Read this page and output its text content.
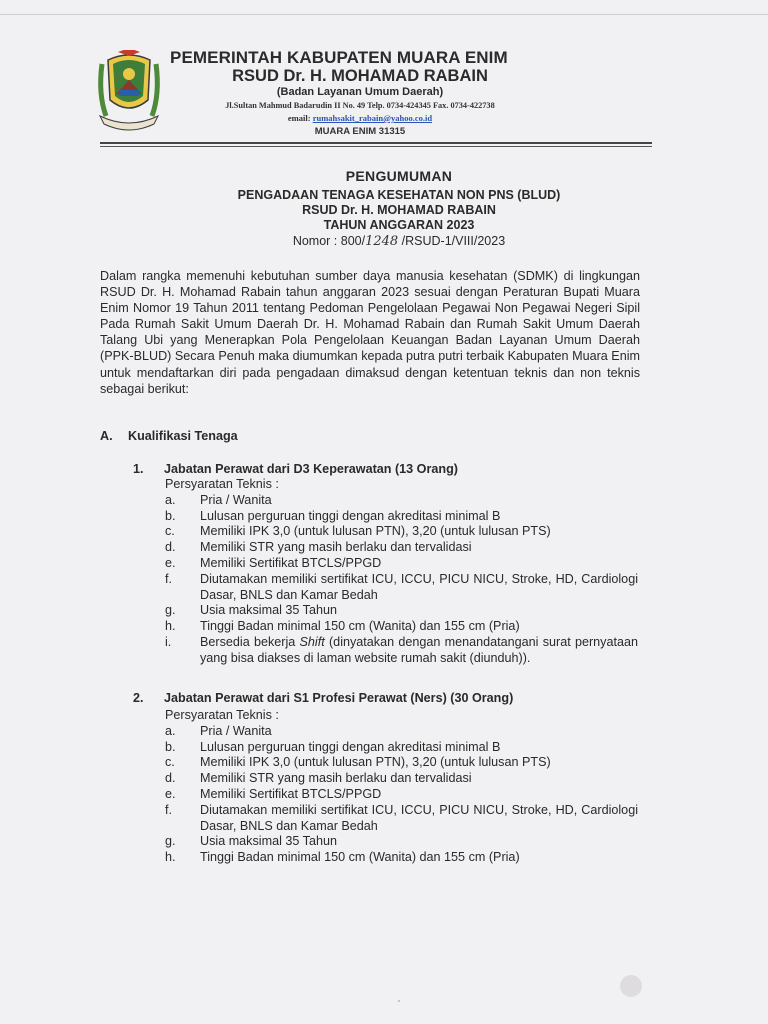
PEMERINTAH KABUPATEN MUARA ENIM
RSUD Dr. H. MOHAMAD RABAIN
(Badan Layanan Umum Daerah)
Jl.Sultan Mahmud Badarudin II No. 49 Telp. 0734-424345 Fax. 0734-422738
email: rumahsakit_rabain@yahoo.co.id
MUARA ENIM 31315
PENGUMUMAN
PENGADAAN TENAGA KESEHATAN NON PNS (BLUD)
RSUD Dr. H. MOHAMAD RABAIN
TAHUN ANGGARAN 2023
Nomor : 800/1248 /RSUD-1/VIII/2023
Dalam rangka memenuhi kebutuhan sumber daya manusia kesehatan (SDMK) di lingkungan RSUD Dr. H. Mohamad Rabain tahun anggaran 2023 sesuai dengan Peraturan Bupati Muara Enim Nomor 19 Tahun 2011 tentang Pedoman Pengelolaan Pegawai Non Pegawai Negeri Sipil Pada Rumah Sakit Umum Daerah Dr. H. Mohamad Rabain dan Rumah Sakit Umum Daerah Talang Ubi yang Menerapkan Pola Pengelolaan Keuangan Badan Layanan Umum Daerah (PPK-BLUD) Secara Penuh maka diumumkan kepada putra putri terbaik Kabupaten Muara Enim untuk mendaftarkan diri pada pengadaan dimaksud dengan ketentuan teknis dan non teknis sebagai berikut:
A. Kualifikasi Tenaga
1. Jabatan Perawat dari D3 Keperawatan (13 Orang)
Persyaratan Teknis :
a.	Pria / Wanita
b.	Lulusan perguruan tinggi dengan akreditasi minimal B
c.	Memiliki IPK 3,0 (untuk lulusan PTN), 3,20 (untuk lulusan PTS)
d.	Memiliki STR yang masih berlaku dan tervalidasi
e.	Memiliki Sertifikat BTCLS/PPGD
f.	Diutamakan memiliki sertifikat ICU, ICCU, PICU NICU, Stroke, HD, Cardiologi Dasar, BNLS dan Kamar Bedah
g.	Usia maksimal 35 Tahun
h.	Tinggi Badan minimal 150 cm (Wanita) dan 155 cm (Pria)
i.	Bersedia bekerja Shift (dinyatakan dengan menandatangani surat pernyataan yang bisa diakses di laman website rumah sakit (diunduh)).
2. Jabatan Perawat dari S1 Profesi Perawat (Ners) (30 Orang)
Persyaratan Teknis :
a.	Pria / Wanita
b.	Lulusan perguruan tinggi dengan akreditasi minimal B
c.	Memiliki IPK 3,0 (untuk lulusan PTN), 3,20 (untuk lulusan PTS)
d.	Memiliki STR yang masih berlaku dan tervalidasi
e.	Memiliki Sertifikat BTCLS/PPGD
f.	Diutamakan memiliki sertifikat ICU, ICCU, PICU NICU, Stroke, HD, Cardiologi Dasar, BNLS dan Kamar Bedah
g.	Usia maksimal 35 Tahun
h.	Tinggi Badan minimal 150 cm (Wanita) dan 155 cm (Pria)
